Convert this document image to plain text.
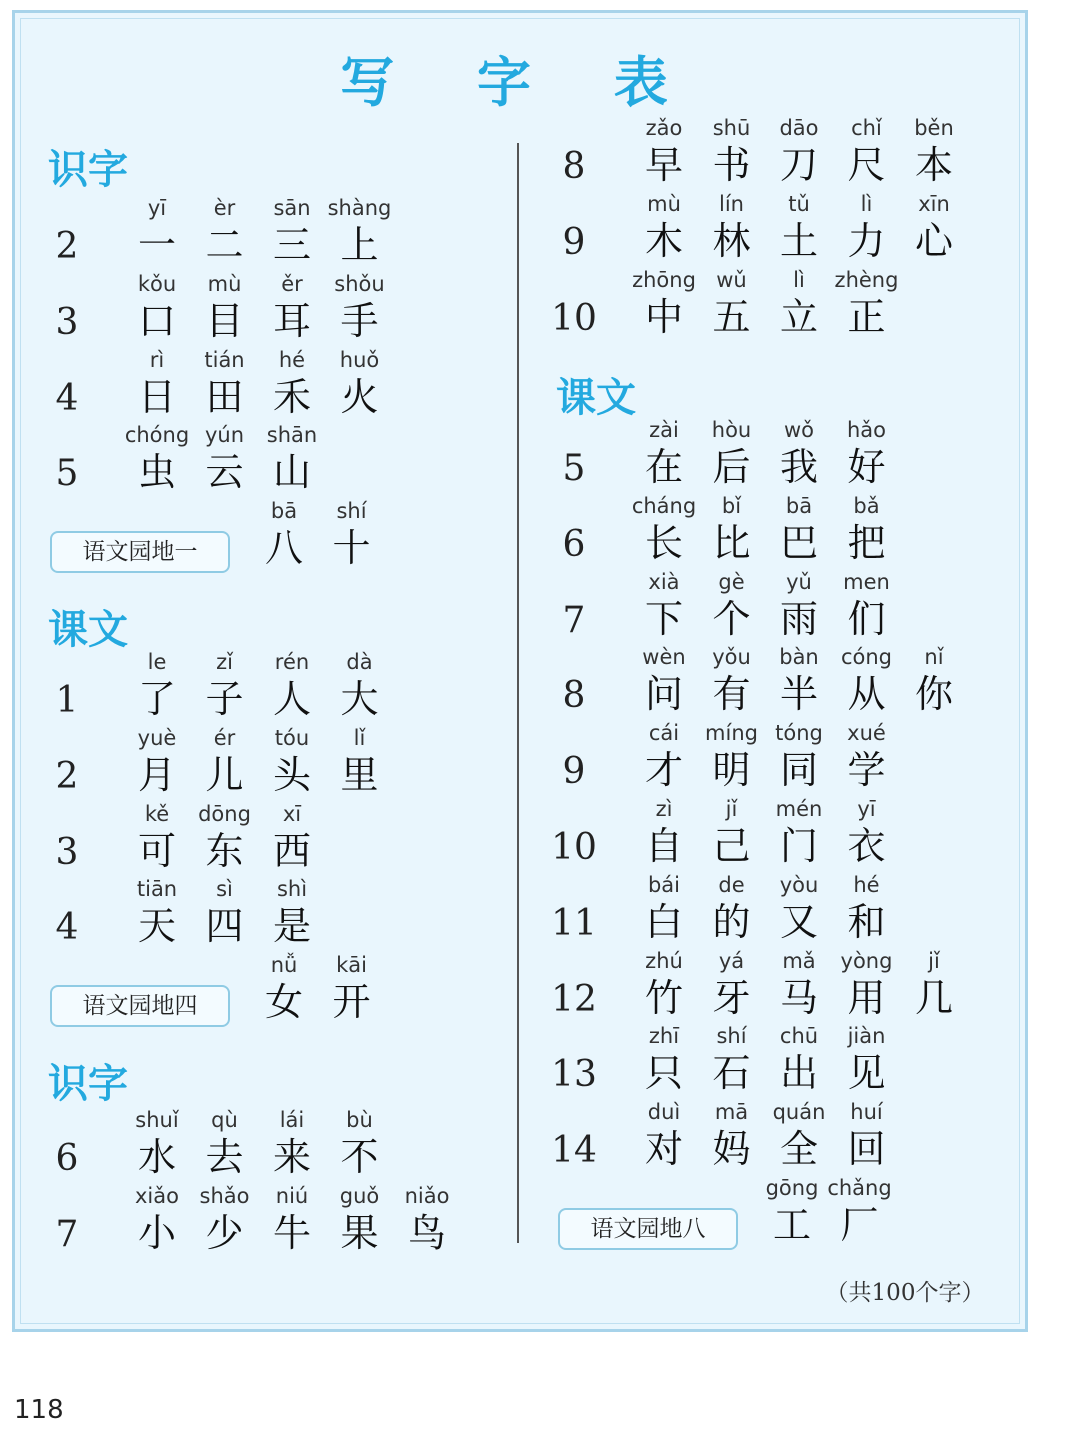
写 字 表
识字
2
yī
一
èr
二
sān
三
shàng
上
3
kǒu
口
mù
目
ěr
耳
shǒu
手
4
rì
日
tián
田
hé
禾
huǒ
火
5
chóng
虫
yún
云
shān
山
语文园地一
bā
八
shí
十
课文
1
le
了
zǐ
子
rén
人
dà
大
2
yuè
月
ér
儿
tóu
头
lǐ
里
3
kě
可
dōng
东
xī
西
4
tiān
天
sì
四
shì
是
语文园地四
nǚ
女
kāi
开
识字
6
shuǐ
水
qù
去
lái
来
bù
不
7
xiǎo
小
shǎo
少
niú
牛
guǒ
果
niǎo
鸟
8
zǎo
早
shū
书
dāo
刀
chǐ
尺
běn
本
9
mù
木
lín
林
tǔ
土
lì
力
xīn
心
10
zhōng
中
wǔ
五
lì
立
zhèng
正
课文
5
zài
在
hòu
后
wǒ
我
hǎo
好
6
cháng
长
bǐ
比
bā
巴
bǎ
把
7
xià
下
gè
个
yǔ
雨
men
们
8
wèn
问
yǒu
有
bàn
半
cóng
从
nǐ
你
9
cái
才
míng
明
tóng
同
xué
学
10
zì
自
jǐ
己
mén
门
yī
衣
11
bái
白
de
的
yòu
又
hé
和
12
zhú
竹
yá
牙
mǎ
马
yòng
用
jǐ
几
13
zhī
只
shí
石
chū
出
jiàn
见
14
duì
对
mā
妈
quán
全
huí
回
语文园地八
gōng
工
chǎng
厂
（共100个字）
118
